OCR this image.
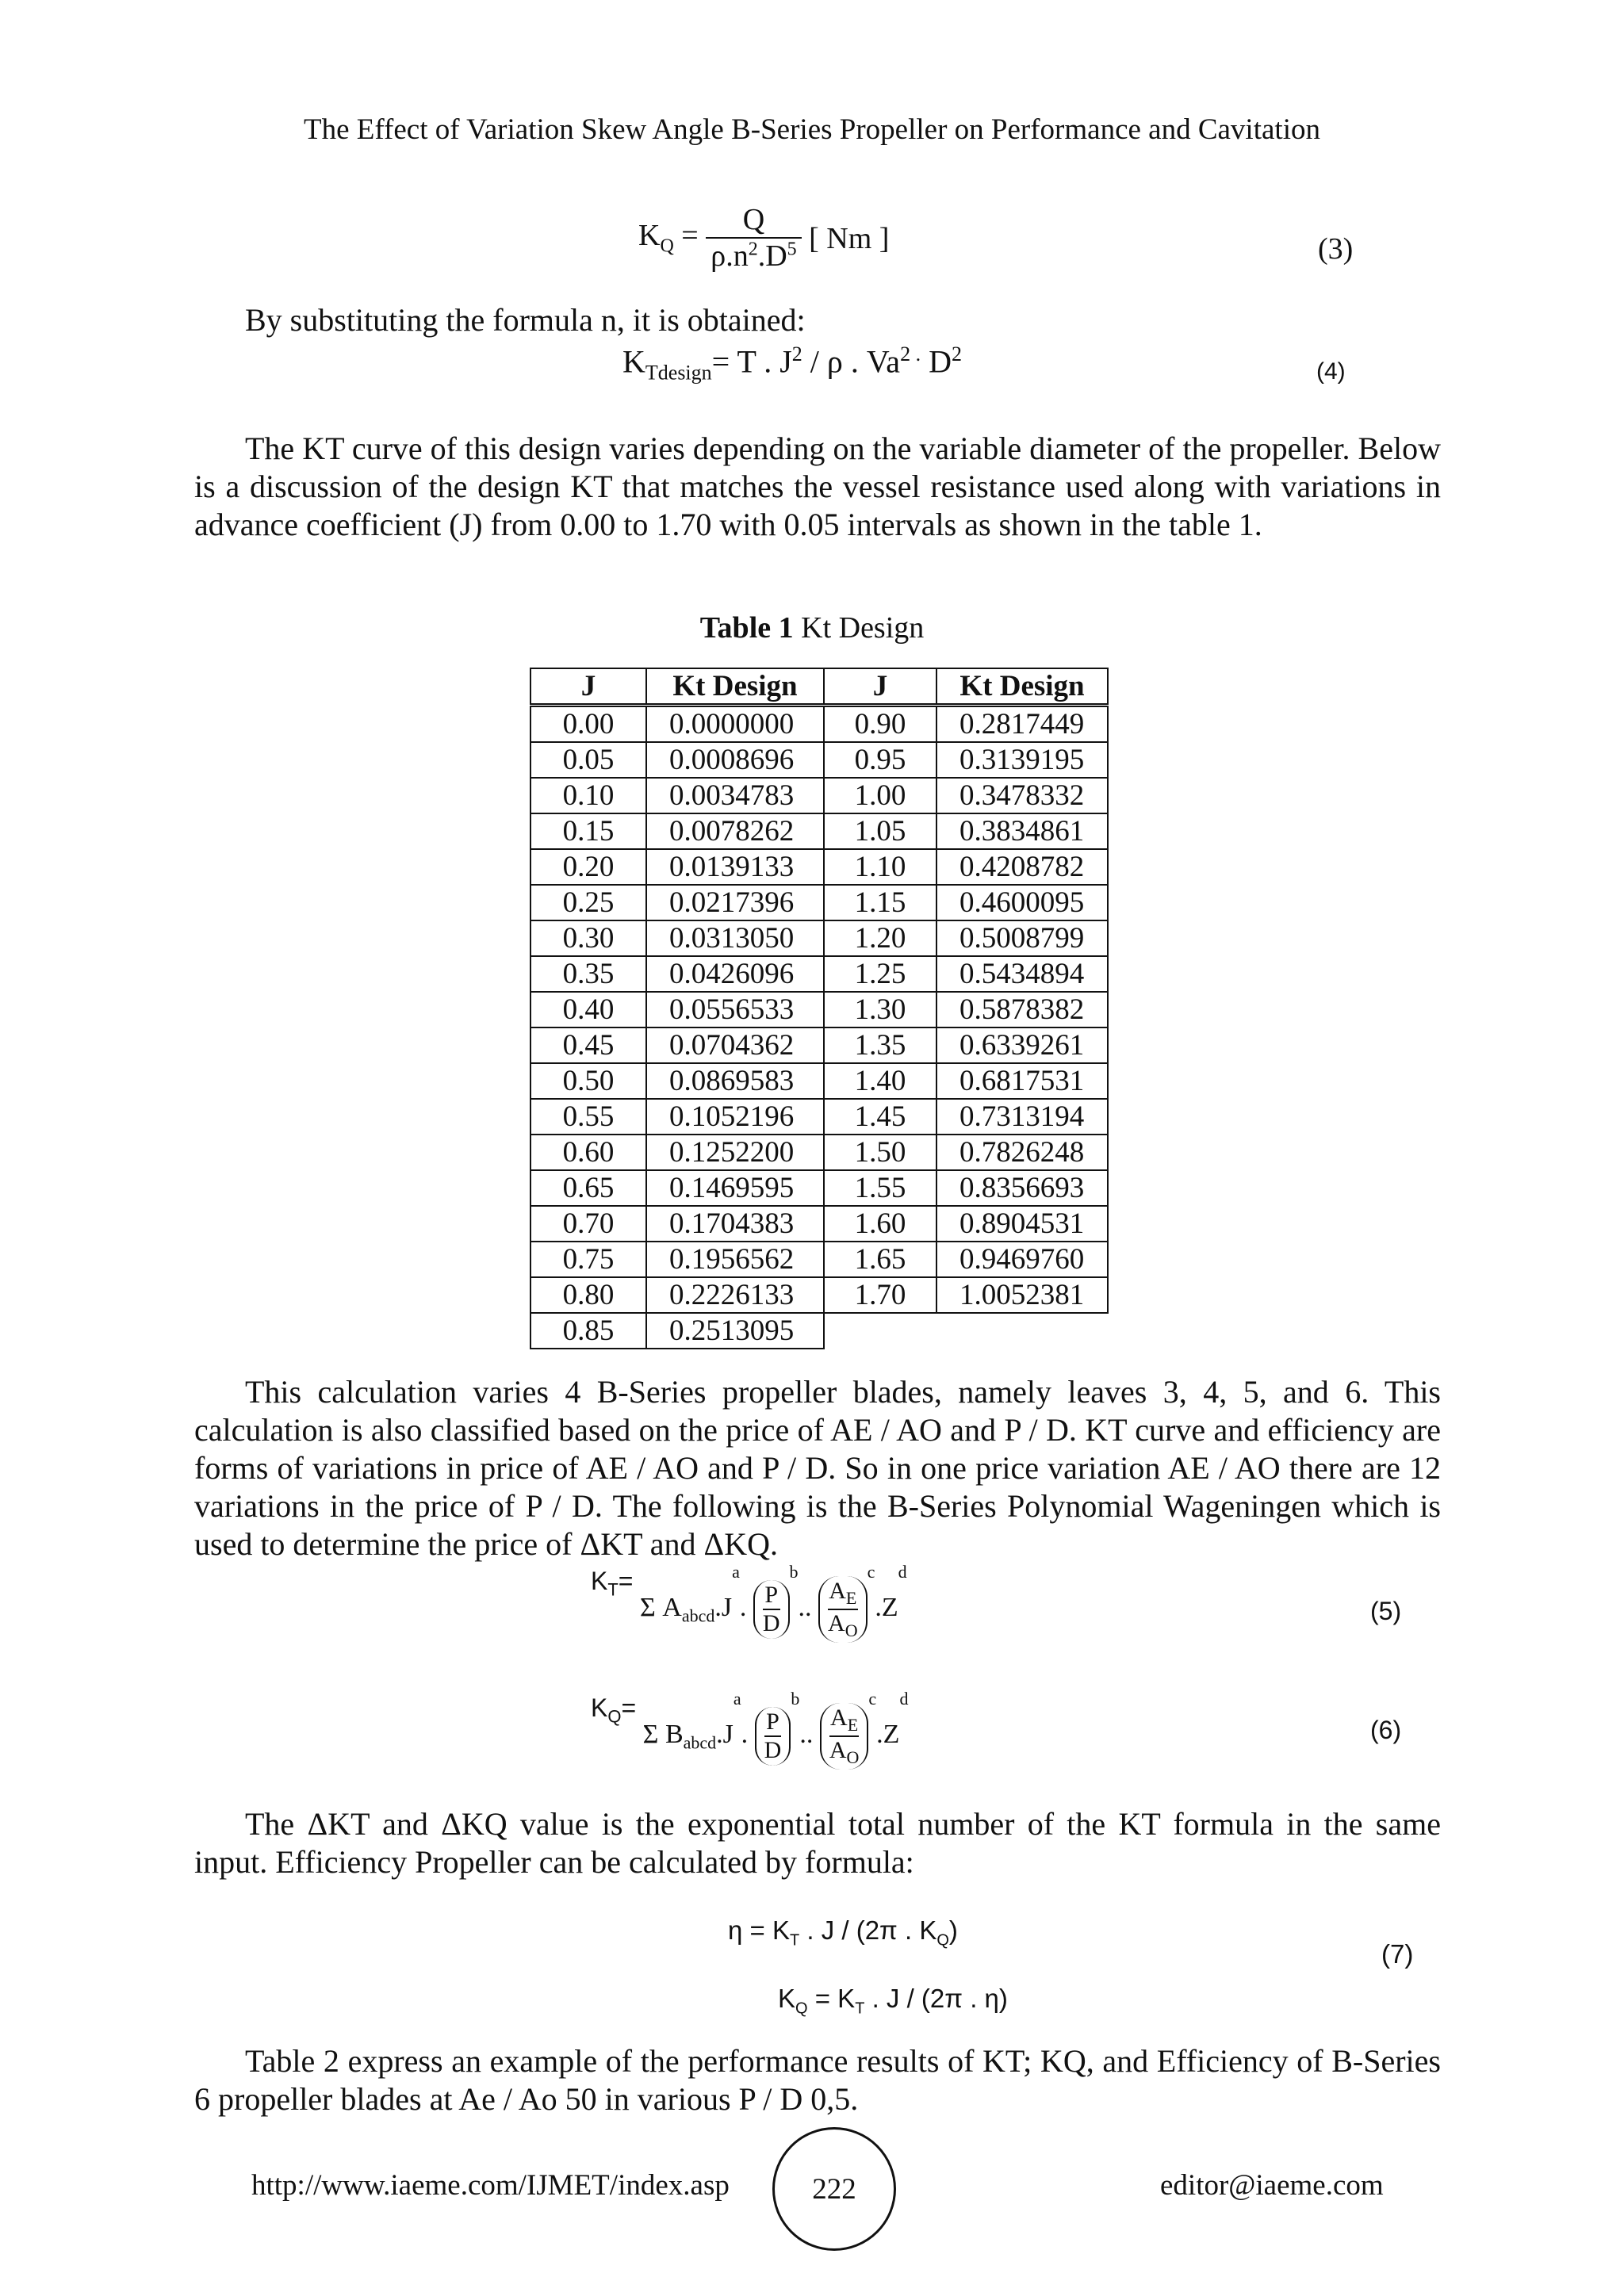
The Effect of Variation Skew Angle B-Series Propeller on Performance and Cavitation
$K_Q = \frac{Q}{\rho.n^2.D^5}$ [ Nm ]	(3)
By substituting the formula n, it is obtained:
$K_{Tdesign}= T$ . $J^2$ / ρ . $Va^{2 .}$ $D^2$
(4)

The KT curve of this design varies depending on the variable diameter of the propeller. Below is a discussion of the design KT that matches the vessel resistance used along with variations in advance coefficient (J) from 0.00 to 1.70 with 0.05 intervals as shown in the table 1.

Table 1 Kt Design
J	Kt Design	J	Kt Design
0.00	0.0000000	0.90	0.2817449
0.05	0.0008696	0.95	0.3139195
0.10	0.0034783	1.00	0.3478332
0.15	0.0078262	1.05	0.3834861
0.20	0.0139133	1.10	0.4208782
0.25	0.0217396	1.15	0.4600095
0.30	0.0313050	1.20	0.5008799
0.35	0.0426096	1.25	0.5434894
0.40	0.0556533	1.30	0.5878382
0.45	0.0704362	1.35	0.6339261
0.50	0.0869583	1.40	0.6817531
0.55	0.1052196	1.45	0.7313194
0.60	0.1252200	1.50	0.7826248
0.65	0.1469595	1.55	0.8356693
0.70	0.1704383	1.60	0.8904531
0.75	0.1956562	1.65	0.9469760
0.80	0.2226133	1.70	1.0052381
0.85	0.2513095		

This calculation varies 4 B-Series propeller blades, namely leaves 3, 4, 5, and 6. This calculation is also classified based on the price of AE / AO and P / D. KT curve and efficiency are forms of variations in price of AE / AO and P / D. So in one price variation AE / AO there are 12 variations in the price of P / D. The following is the B-Series Polynomial Wageningen which is used to determine the price of ΔKT and ΔKQ.

$K_T= \Sigma$ $A_{abcd}.J^a$. $\frac{P}{D}$
$^b$.. $\frac{A_E}{A_O}$
$^c.Z^d$
(5)
$K_Q= \Sigma$ $B_{abcd}.J^a$. $\frac{P}{D}$
$^b$.. $\frac{A_E}{A_O}$
$^c.Z^d$
(6)

The ΔKT and ΔKQ value is the exponential total number of the KT formula in the same input. Efficiency Propeller can be calculated by formula:

$\eta = K_T$ . J / (2π . $K_Q$)
$K_Q = K_T$ . J / (2π . η)
(7)

Table 2 express an example of the performance results of KT; KQ, and Efficiency of B-Series 6 propeller blades at Ae / Ao 50 in various P / D 0,5.

http://www.iaeme.com/IJMET/index.asp	222	editor@iaeme.com
